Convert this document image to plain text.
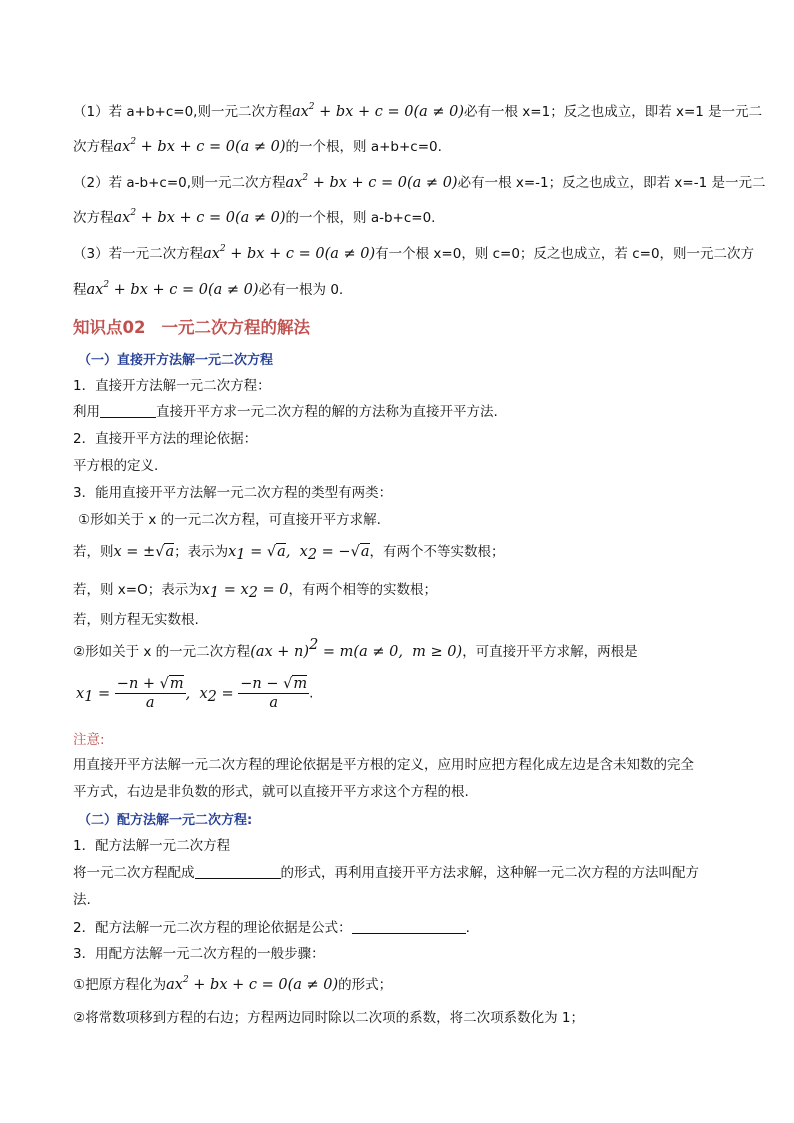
（1）若 a+b+c=0,则一元二次方程$ax^2$ + bx + c = 0(a ≠ 0)必有一根 x=1；反之也成立，即若 x=1 是一元二
次方程$ax^2$ + bx + c = 0(a ≠ 0)的一个根，则 a+b+c=0.
（2）若 a-b+c=0,则一元二次方程$ax^2$ + bx + c = 0(a ≠ 0)必有一根 x=-1；反之也成立，即若 x=-1 是一元二
次方程$ax^2$ + bx + c = 0(a ≠ 0)的一个根，则 a-b+c=0.
（3）若一元二次方程$ax^2$ + bx + c = 0(a ≠ 0)有一个根 x=0，则 c=0；反之也成立，若 c=0，则一元二次方
程$ax^2$ + bx + c = 0(a ≠ 0)必有一根为 0.
知识点02 一元二次方程的解法
（一）直接开方法解一元二次方程
1．直接开方法解一元二次方程：
利用	直接开平方求一元二次方程的解的方法称为直接开平方法.
2．直接开平方法的理论依据：
平方根的定义.
3．能用直接开平方法解一元二次方程的类型有两类：
①形如关于 x 的一元二次方程，可直接开平方求解.
若，则x = ±√a；表示为$x_1 = √a$,  $x_2 = -√a$，有两个不等实数根；
若，则 x=O；表示为$x_1 = x_2 = 0$，有两个相等的实数根；
若，则方程无实数根.
②形如关于 x 的一元二次方程(ax + n)$^2$ = m(a ≠ 0,  m ≥ 0)，可直接开平方求解，两根是
$x_1 = \frac{-n + √m}{a}$ ,  $x_2 = \frac{-n - √m}{a}$ .
注意:
用直接开平方法解一元二次方程的理论依据是平方根的定义，应用时应把方程化成左边是含未知数的完全
平方式，右边是非负数的形式，就可以直接开平方求这个方程的根.
（二）配方法解一元二次方程:
1．配方法解一元二次方程
将一元二次方程配成	的形式，再利用直接开平方法求解，这种解一元二次方程的方法叫配方
法.
2．配方法解一元二次方程的理论依据是公式：	.
3．用配方法解一元二次方程的一般步骤：
①把原方程化为$ax^2$ + bx + c = 0(a ≠ 0)的形式；
②将常数项移到方程的右边；方程两边同时除以二次项的系数，将二次项系数化为 1；
